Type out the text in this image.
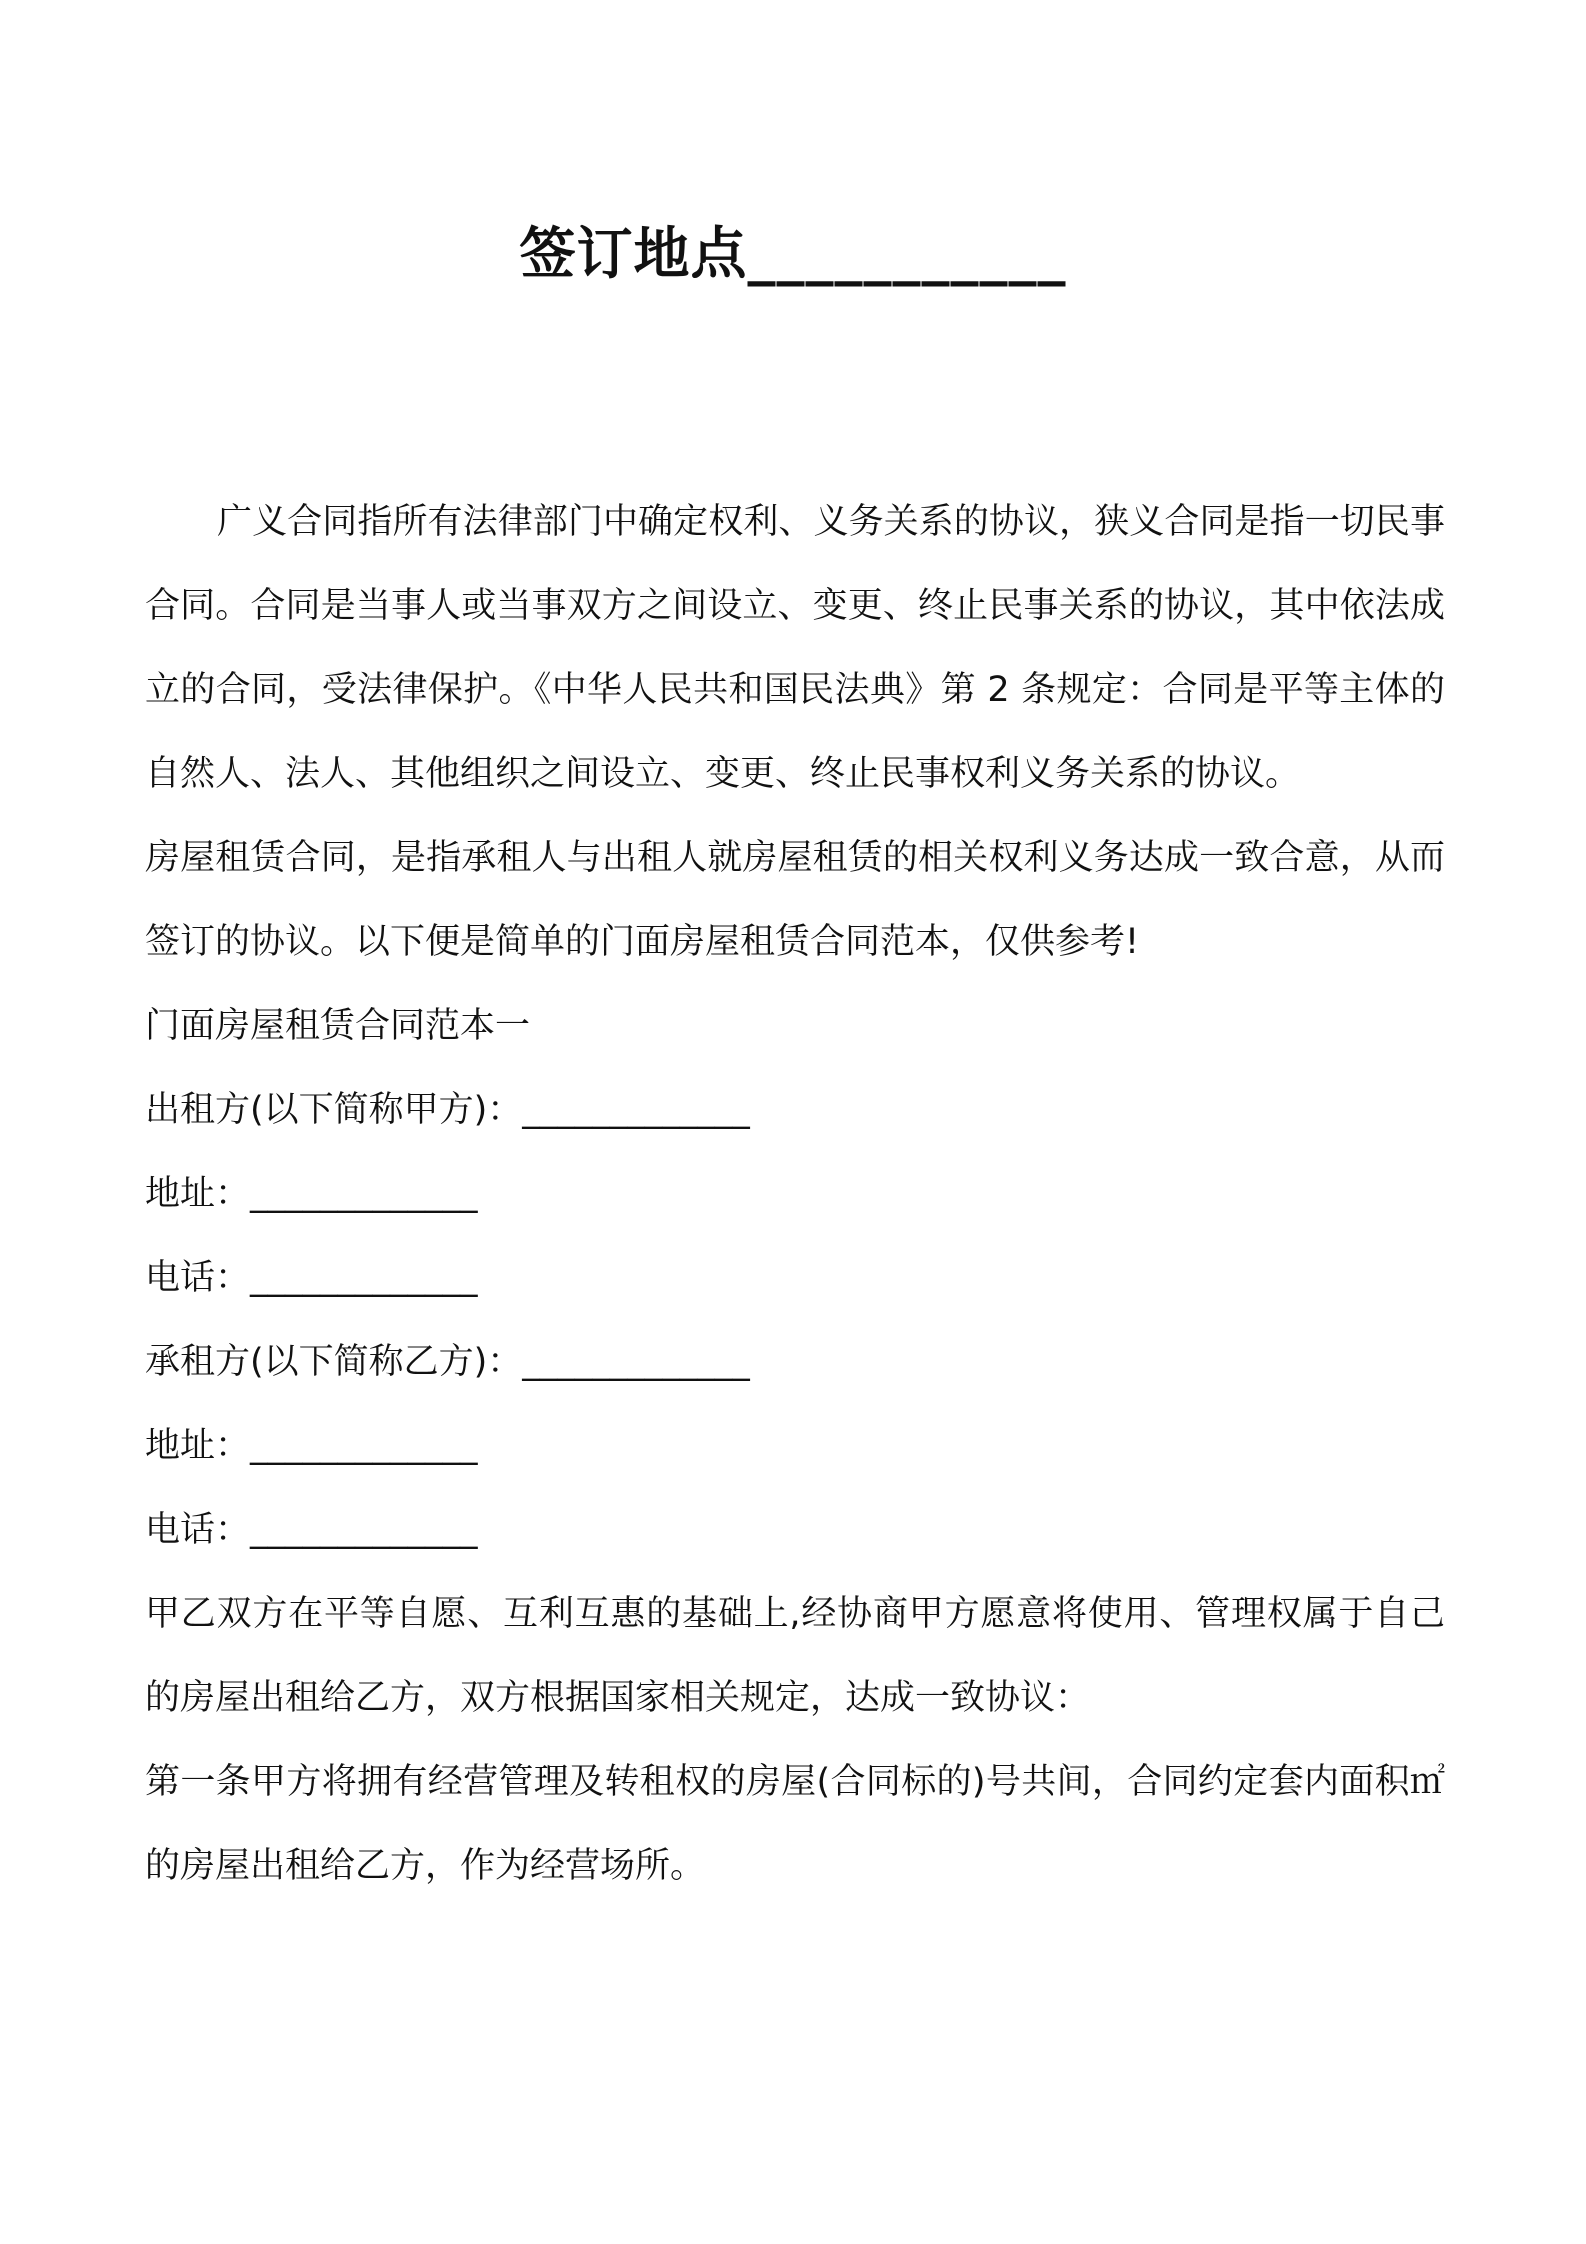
签订地点___________

广义合同指所有法律部门中确定权利、义务关系的协议，狭义合同是指一切民事合同。合同是当事人或当事双方之间设立、变更、终止民事关系的协议，其中依法成立的合同，受法律保护。《中华人民共和国民法典》第 2 条规定：合同是平等主体的自然人、法人、其他组织之间设立、变更、终止民事权利义务关系的协议。

房屋租赁合同，是指承租人与出租人就房屋租赁的相关权利义务达成一致合意，从而签订的协议。以下便是简单的门面房屋租赁合同范本，仅供参考!

门面房屋租赁合同范本一

出租方(以下简称甲方)：_____________

地址：_____________

电话：_____________

承租方(以下简称乙方)：_____________

地址：_____________

电话：_____________

甲乙双方在平等自愿、互利互惠的基础上,经协商甲方愿意将使用、管理权属于自己的房屋出租给乙方，双方根据国家相关规定，达成一致协议：

第一条甲方将拥有经营管理及转租权的房屋(合同标的)号共间，合同约定套内面积㎡的房屋出租给乙方，作为经营场所。
